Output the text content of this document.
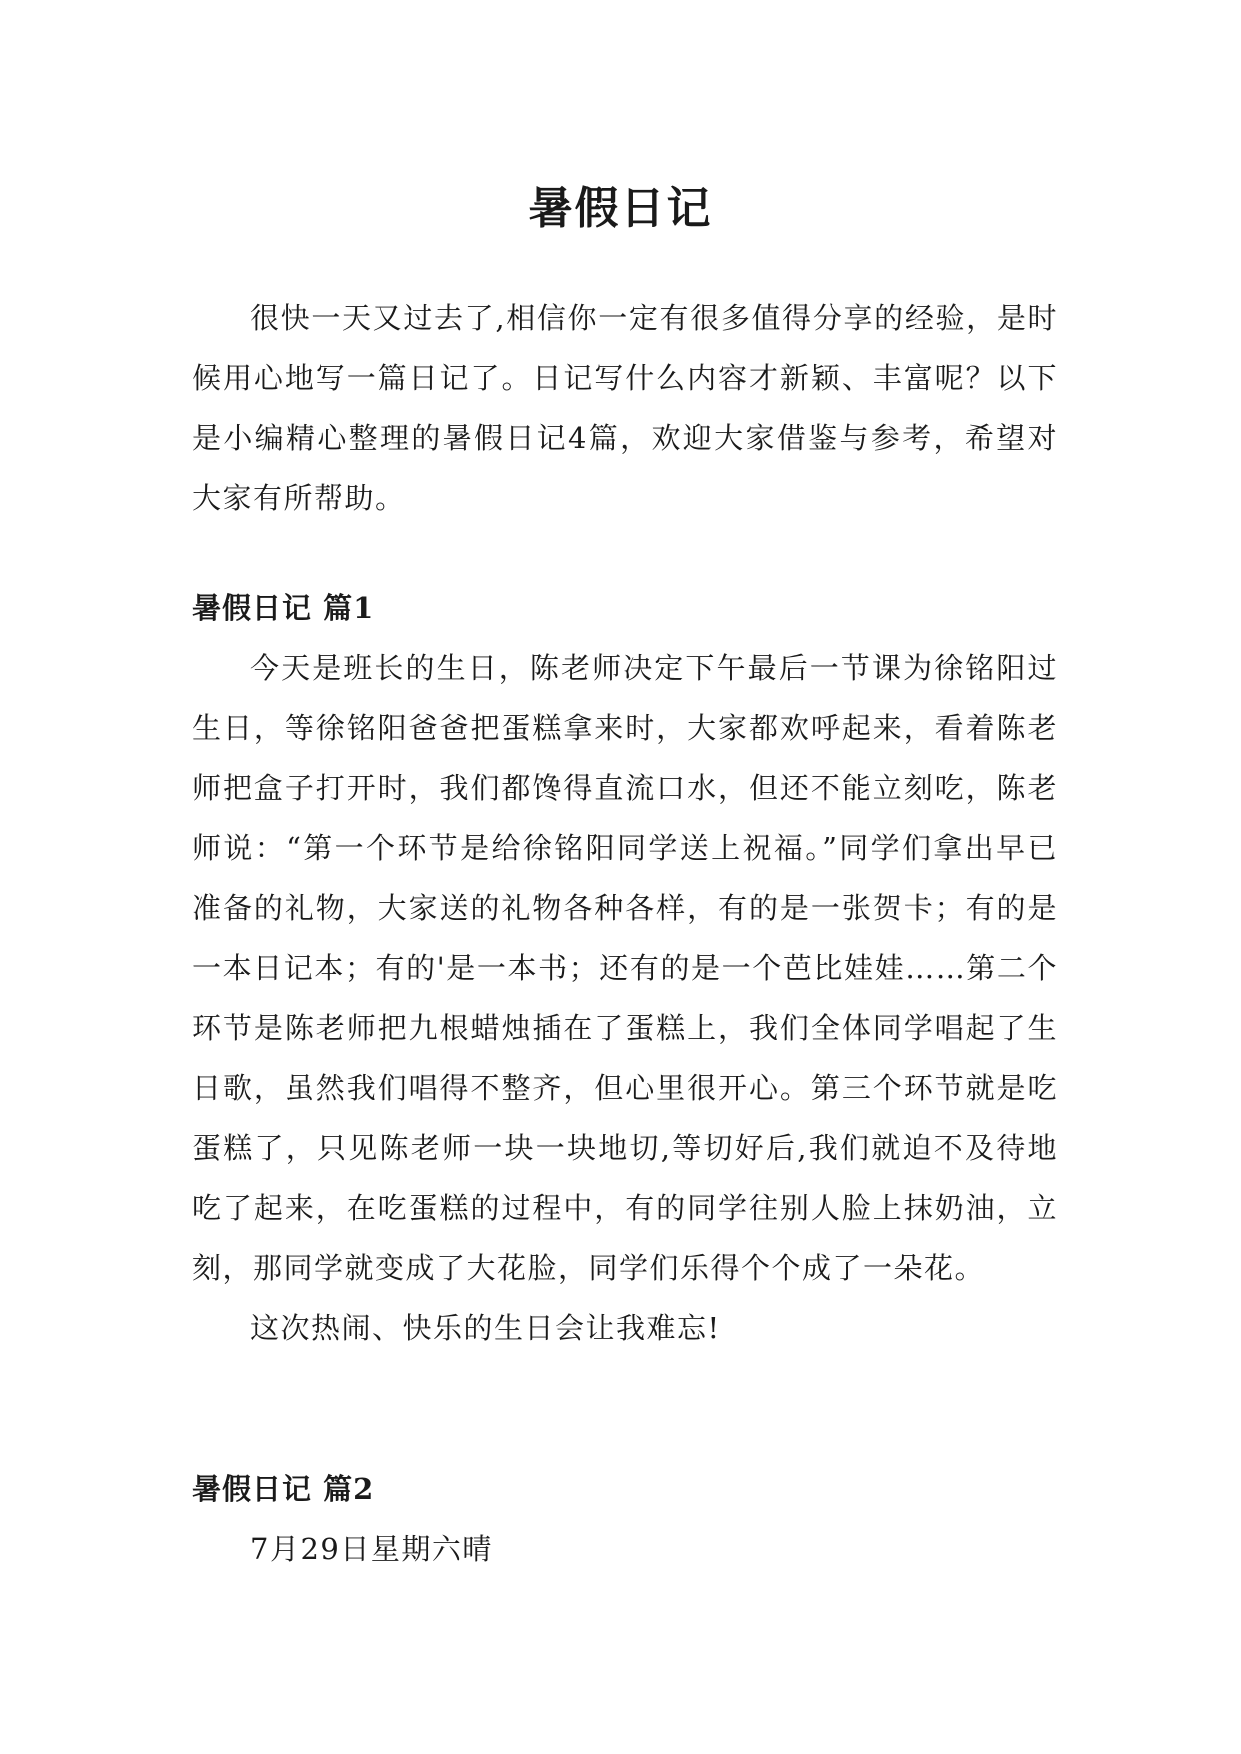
暑假日记

很快一天又过去了,相信你一定有很多值得分享的经验，是时候用心地写一篇日记了。日记写什么内容才新颖、丰富呢？以下是小编精心整理的暑假日记4篇，欢迎大家借鉴与参考，希望对大家有所帮助。

暑假日记 篇1

今天是班长的生日，陈老师决定下午最后一节课为徐铭阳过生日，等徐铭阳爸爸把蛋糕拿来时，大家都欢呼起来，看着陈老师把盒子打开时，我们都馋得直流口水，但还不能立刻吃，陈老师说：“第一个环节是给徐铭阳同学送上祝福。”同学们拿出早已准备的礼物，大家送的礼物各种各样，有的是一张贺卡；有的是一本日记本；有的'是一本书；还有的是一个芭比娃娃……第二个环节是陈老师把九根蜡烛插在了蛋糕上，我们全体同学唱起了生日歌，虽然我们唱得不整齐，但心里很开心。第三个环节就是吃蛋糕了，只见陈老师一块一块地切,等切好后,我们就迫不及待地吃了起来，在吃蛋糕的过程中，有的同学往别人脸上抹奶油，立刻，那同学就变成了大花脸，同学们乐得个个成了一朵花。

这次热闹、快乐的生日会让我难忘!

暑假日记 篇2

7月29日星期六晴
